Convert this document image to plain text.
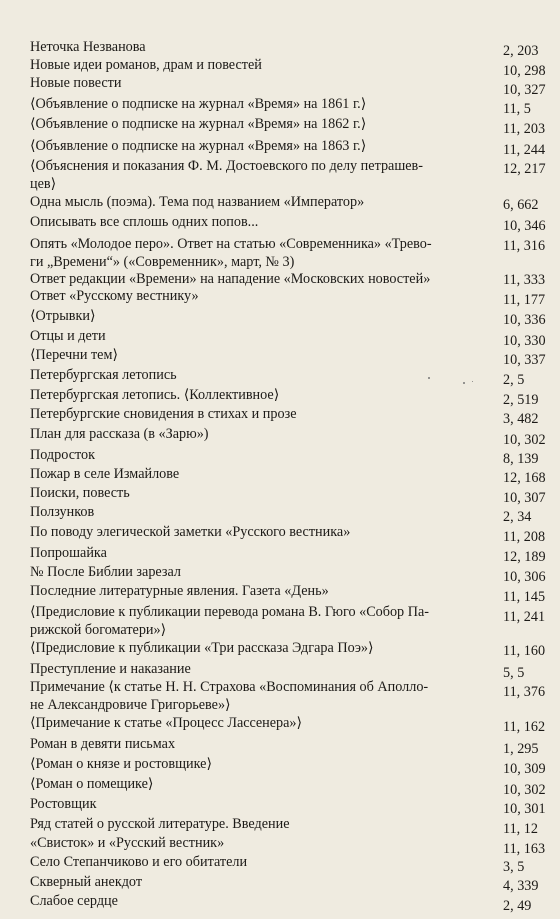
Неточка Незванова	2, 203
Новые идеи романов, драм и повестей	10, 298
Новые повести	10, 327
⟨Объявление о подписке на журнал «Время» на 1861 г.⟩	11, 5
⟨Объявление о подписке на журнал «Время» на 1862 г.⟩	11, 203
⟨Объявление о подписке на журнал «Время» на 1863 г.⟩	11, 244
⟨Объяснения и показания Ф. М. Достоевского по делу петрашев-
цев⟩
12, 217
Одна мысль (поэма). Тема под названием «Император»	6, 662
Описывать все сплошь одних попов...	10, 346
Опять «Молодое перо». Ответ на статью «Современника» «Трево-
ги „Времени“» («Современник», март, № 3)
11, 316
Ответ редакции «Времени» на нападение «Московских новостей»	11, 333
Ответ «Русскому вестнику»	11, 177
⟨Отрывки⟩	10, 336
Отцы и дети	10, 330
⟨Перечни тем⟩	10, 337
Петербургская летопись	2, 5
Петербургская летопись. ⟨Коллективное⟩	2, 519
Петербургские сновидения в стихах и прозе	3, 482
План для рассказа (в «Зарю»)	10, 302
Подросток	8, 139
Пожар в селе Измайлове	12, 168
Поиски, повесть	10, 307
Ползунков	2, 34
По поводу элегической заметки «Русского вестника»	11, 208
Попрошайка	12, 189
№ После Библии зарезал	10, 306
Последние литературные явления. Газета «День»	11, 145
⟨Предисловие к публикации перевода романа В. Гюго «Собор Па-
рижской богоматери»⟩
11, 241
⟨Предисловие к публикации «Три рассказа Эдгара Поэ»⟩	11, 160
Преступление и наказание	5, 5
Примечание ⟨к статье Н. Н. Страхова «Воспоминания об Аполло-
не Александровиче Григорьеве»⟩
11, 376
⟨Примечание к статье «Процесс Ласcенера»⟩	11, 162
Роман в девяти письмах	1, 295
⟨Роман о князе и ростовщике⟩	10, 309
⟨Роман о помещике⟩	10, 302
Ростовщик	10, 301
Ряд статей о русской литературе. Введение	11, 12
«Свисток» и «Русский вестник»	11, 163
Село Степанчиково и его обитатели	3, 5
Скверный анекдот	4, 339
Слабое сердце	2, 49
